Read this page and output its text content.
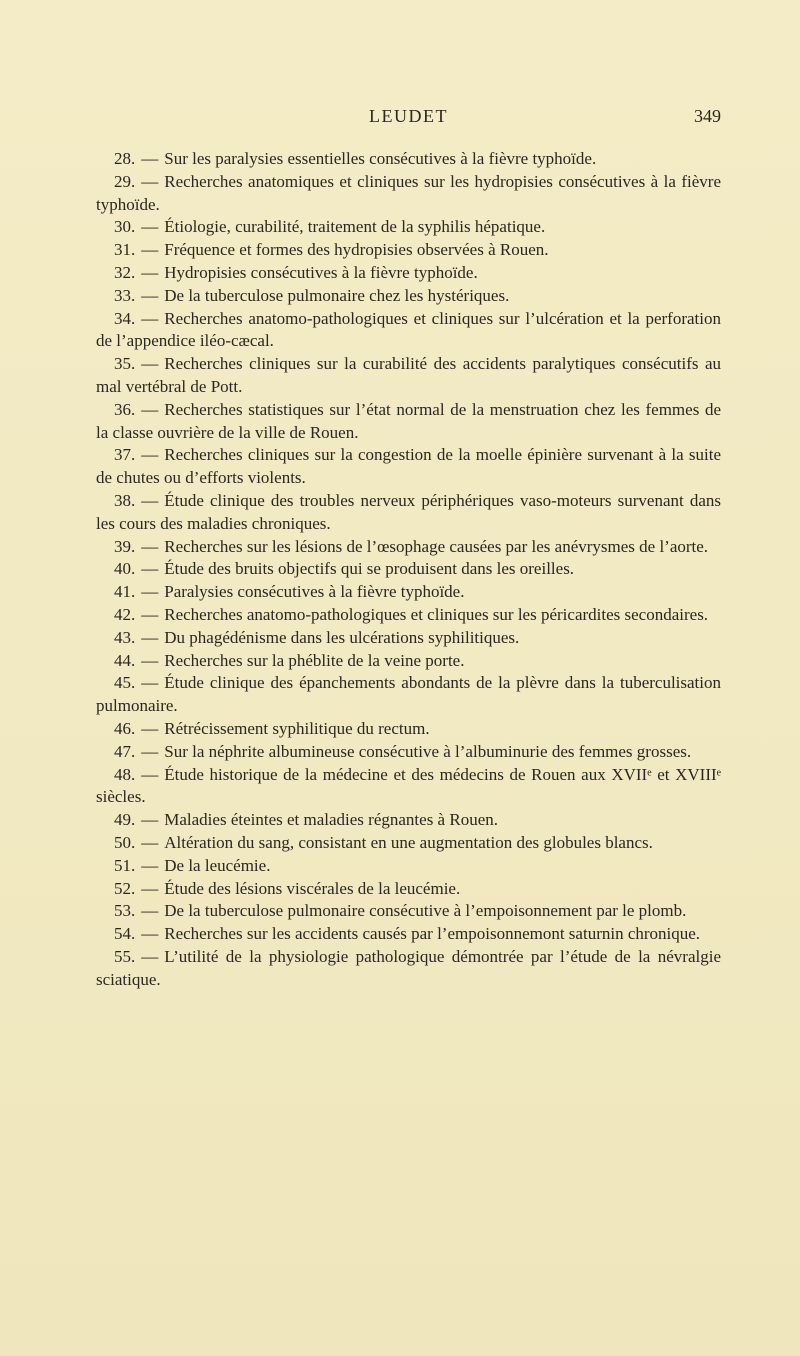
LEUDET	349

28. — Sur les paralysies essentielles consécutives à la fièvre typhoïde.

29. — Recherches anatomiques et cliniques sur les hydropisies consécutives à la fièvre typhoïde.

30. — Étiologie, curabilité, traitement de la syphilis hépatique.

31. — Fréquence et formes des hydropisies observées à Rouen.

32. — Hydropisies consécutives à la fièvre typhoïde.

33. — De la tuberculose pulmonaire chez les hystériques.

34. — Recherches anatomo-pathologiques et cliniques sur l’ulcération et la perforation de l’appendice iléo-cæcal.

35. — Recherches cliniques sur la curabilité des accidents paralytiques consécutifs au mal vertébral de Pott.

36. — Recherches statistiques sur l’état normal de la menstruation chez les femmes de la classe ouvrière de la ville de Rouen.

37. — Recherches cliniques sur la congestion de la moelle épinière survenant à la suite de chutes ou d’efforts violents.

38. — Étude clinique des troubles nerveux périphériques vaso-moteurs survenant dans les cours des maladies chroniques.

39. — Recherches sur les lésions de l’œsophage causées par les anévrysmes de l’aorte.

40. — Étude des bruits objectifs qui se produisent dans les oreilles.

41. — Paralysies consécutives à la fièvre typhoïde.

42. — Recherches anatomo-pathologiques et cliniques sur les péricardites secondaires.

43. — Du phagédénisme dans les ulcérations syphilitiques.

44. — Recherches sur la phéblite de la veine porte.

45. — Étude clinique des épanchements abondants de la plèvre dans la tuberculisation pulmonaire.

46. — Rétrécissement syphilitique du rectum.

47. — Sur la néphrite albumineuse consécutive à l’albuminurie des femmes grosses.

48. — Étude historique de la médecine et des médecins de Rouen aux XVIIᵉ et XVIIIᵉ siècles.

49. — Maladies éteintes et maladies régnantes à Rouen.

50. — Altération du sang, consistant en une augmentation des globules blancs.

51. — De la leucémie.

52. — Étude des lésions viscérales de la leucémie.

53. — De la tuberculose pulmonaire consécutive à l’empoisonnement par le plomb.

54. — Recherches sur les accidents causés par l’empoisonnemont saturnin chronique.

55. — L’utilité de la physiologie pathologique démontrée par l’étude de la névralgie sciatique.
